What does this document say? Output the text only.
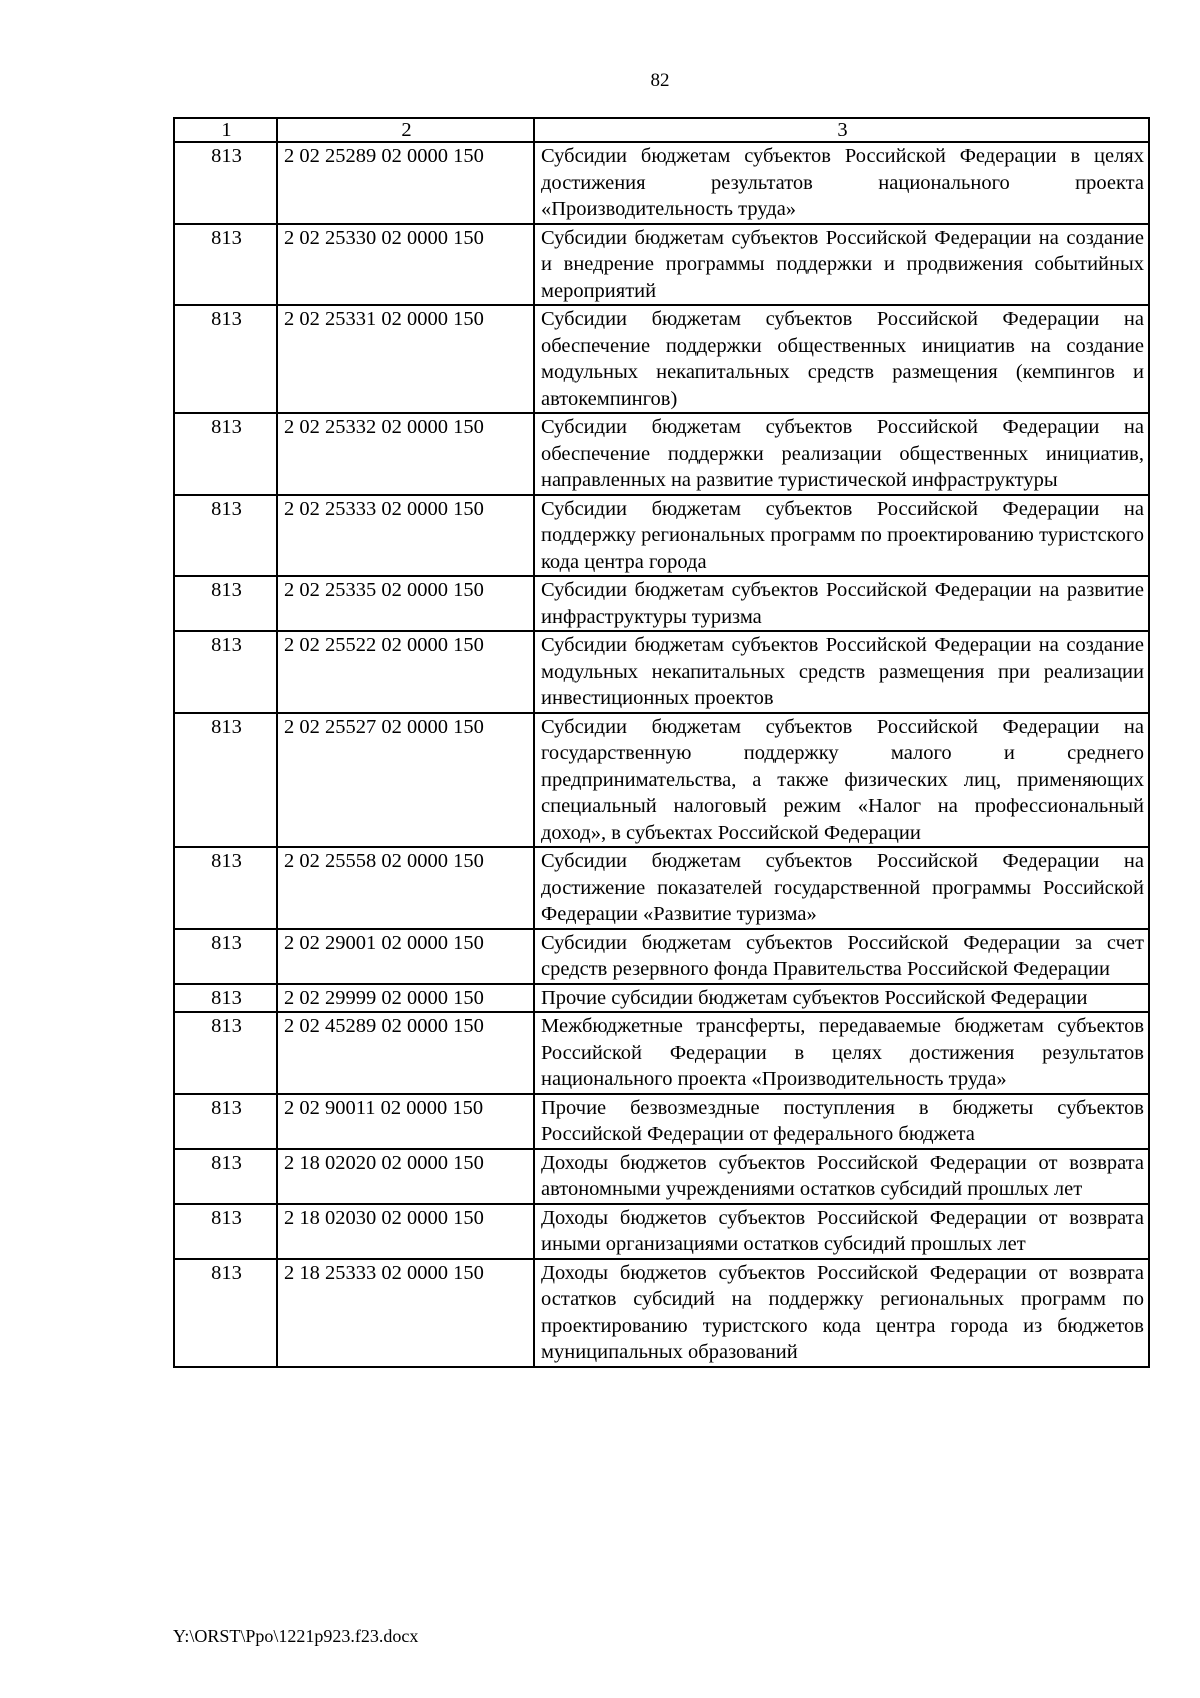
82
1	2	3
813	2 02 25289 02 0000 150	Субсидии бюджетам субъектов Российской Федерации в целях достижения результатов национального проекта «Производительность труда»
813	2 02 25330 02 0000 150	Субсидии бюджетам субъектов Российской Федерации на создание и внедрение программы поддержки и продвижения событийных мероприятий
813	2 02 25331 02 0000 150	Субсидии бюджетам субъектов Российской Федерации на обеспечение поддержки общественных инициатив на создание модульных некапитальных средств размещения (кемпингов и автокемпингов)
813	2 02 25332 02 0000 150	Субсидии бюджетам субъектов Российской Федерации на обеспечение поддержки реализации общественных инициатив, направленных на развитие туристической инфраструктуры
813	2 02 25333 02 0000 150	Субсидии бюджетам субъектов Российской Федерации на поддержку региональных программ по проектированию туристского кода центра города
813	2 02 25335 02 0000 150	Субсидии бюджетам субъектов Российской Федерации на развитие инфраструктуры туризма
813	2 02 25522 02 0000 150	Субсидии бюджетам субъектов Российской Федерации на создание модульных некапитальных средств размещения при реализации инвестиционных проектов
813	2 02 25527 02 0000 150	Субсидии бюджетам субъектов Российской Федерации на государственную поддержку малого и среднего предпринимательства, а также физических лиц, применяющих специальный налоговый режим «Налог на профессиональный доход», в субъектах Российской Федерации
813	2 02 25558 02 0000 150	Субсидии бюджетам субъектов Российской Федерации на достижение показателей государственной программы Российской Федерации «Развитие туризма»
813	2 02 29001 02 0000 150	Субсидии бюджетам субъектов Российской Федерации за счет средств резервного фонда Правительства Российской Федерации
813	2 02 29999 02 0000 150	Прочие субсидии бюджетам субъектов Российской Федерации
813	2 02 45289 02 0000 150	Межбюджетные трансферты, передаваемые бюджетам субъектов Российской Федерации в целях достижения результатов национального проекта «Производительность труда»
813	2 02 90011 02 0000 150	Прочие безвозмездные поступления в бюджеты субъектов Российской Федерации от федерального бюджета
813	2 18 02020 02 0000 150	Доходы бюджетов субъектов Российской Федерации от возврата автономными учреждениями остатков субсидий прошлых лет
813	2 18 02030 02 0000 150	Доходы бюджетов субъектов Российской Федерации от возврата иными организациями остатков субсидий прошлых лет
813	2 18 25333 02 0000 150	Доходы бюджетов субъектов Российской Федерации от возврата остатков субсидий на поддержку региональных программ по проектированию туристского кода центра города из бюджетов муниципальных образований
Y:\ORST\Ppo\1221p923.f23.docx
